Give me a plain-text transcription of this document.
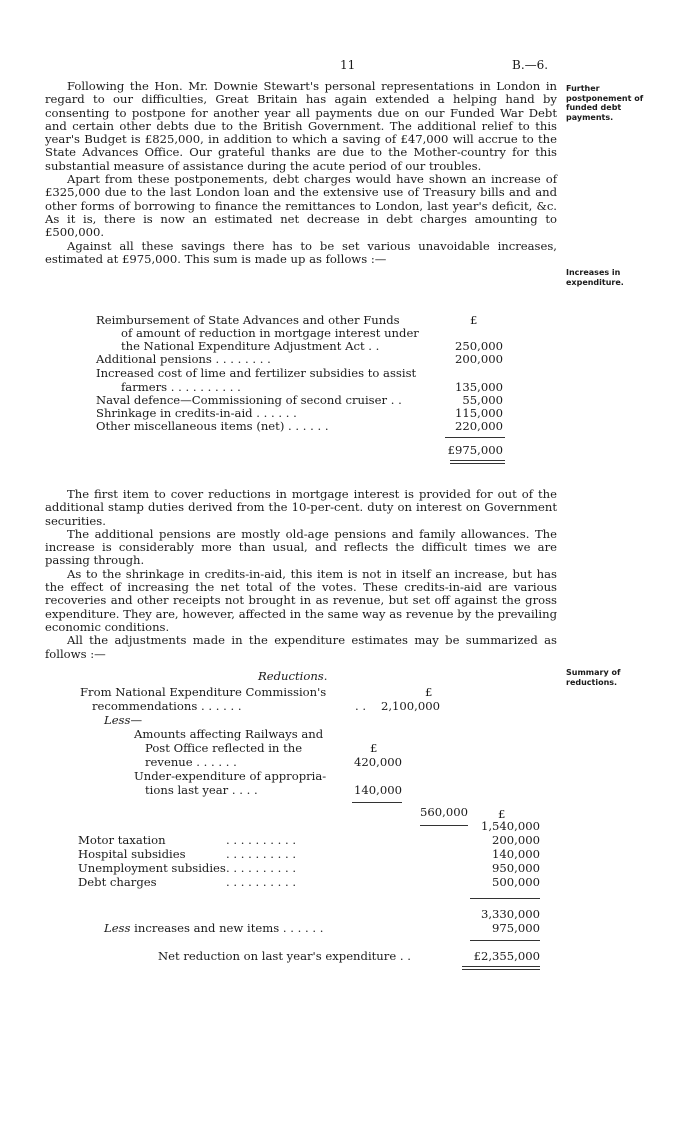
11	B.—6.
Further postponement of funded debt payments.
Increases in expenditure.
Summary of reductions.

Following the Hon. Mr. Downie Stewart's personal representations in London in regard to our difficulties, Great Britain has again extended a helping hand by consenting to postpone for another year all payments due on our Funded War Debt and certain other debts due to the British Government. The additional relief to this year's Budget is £825,000, in addition to which a saving of £47,000 will accrue to the State Advances Office. Our grateful thanks are due to the Mother-country for this substantial measure of assistance during the acute period of our troubles.

Apart from these postponements, debt charges would have shown an increase of £325,000 due to the last London loan and the extensive use of Treasury bills and and other forms of borrowing to finance the remittances to London, last year's deficit, &c. As it is, there is now an estimated net decrease in debt charges amounting to £500,000.

Against all these savings there has to be set various unavoidable increases, estimated at £975,000. This sum is made up as follows :—

£
Reimbursement of State Advances and other Funds
of amount of reduction in mortgage interest under
the National Expenditure Adjustment Act . .	250,000
Additional pensions . . . . . . . .	200,000
Increased cost of lime and fertilizer subsidies to assist
farmers . . . . . . . . . .	135,000
Naval defence—Commissioning of second cruiser . .	55,000
Shrinkage in credits-in-aid . . . . . .	115,000
Other miscellaneous items (net) . . . . . .	220,000
£975,000

The first item to cover reductions in mortgage interest is provided for out of the additional stamp duties derived from the 10-per-cent. duty on interest on Government securities.

The additional pensions are mostly old-age pensions and family allowances. The increase is considerably more than usual, and reflects the difficult times we are passing through.

As to the shrinkage in credits-in-aid, this item is not in itself an increase, but has the effect of increasing the net total of the votes. These credits-in-aid are various recoveries and other receipts not brought in as revenue, but set off against the gross expenditure. They are, however, affected in the same way as revenue by the prevailing economic conditions.

All the adjustments made in the expenditure estimates may be summarized as follows :—

Reductions.
From National Expenditure Commission's	£
recommendations . . . . . .	. .	2,100,000
Less—
Amounts affecting Railways and
Post Office reflected in the	£
revenue . . . . . .	420,000
Under-expenditure of appropria-
tions last year . . . .	140,000
560,000	£
1,540,000
Motor taxation	. . . . . . . . . .	200,000
Hospital subsidies	. . . . . . . . . .	140,000
Unemployment subsidies . . . . . . . . . .	950,000
Debt charges	. . . . . . . . . .	500,000
3,330,000
Less increases and new items . . . . . .	975,000
Net reduction on last year's expenditure . .	£2,355,000
